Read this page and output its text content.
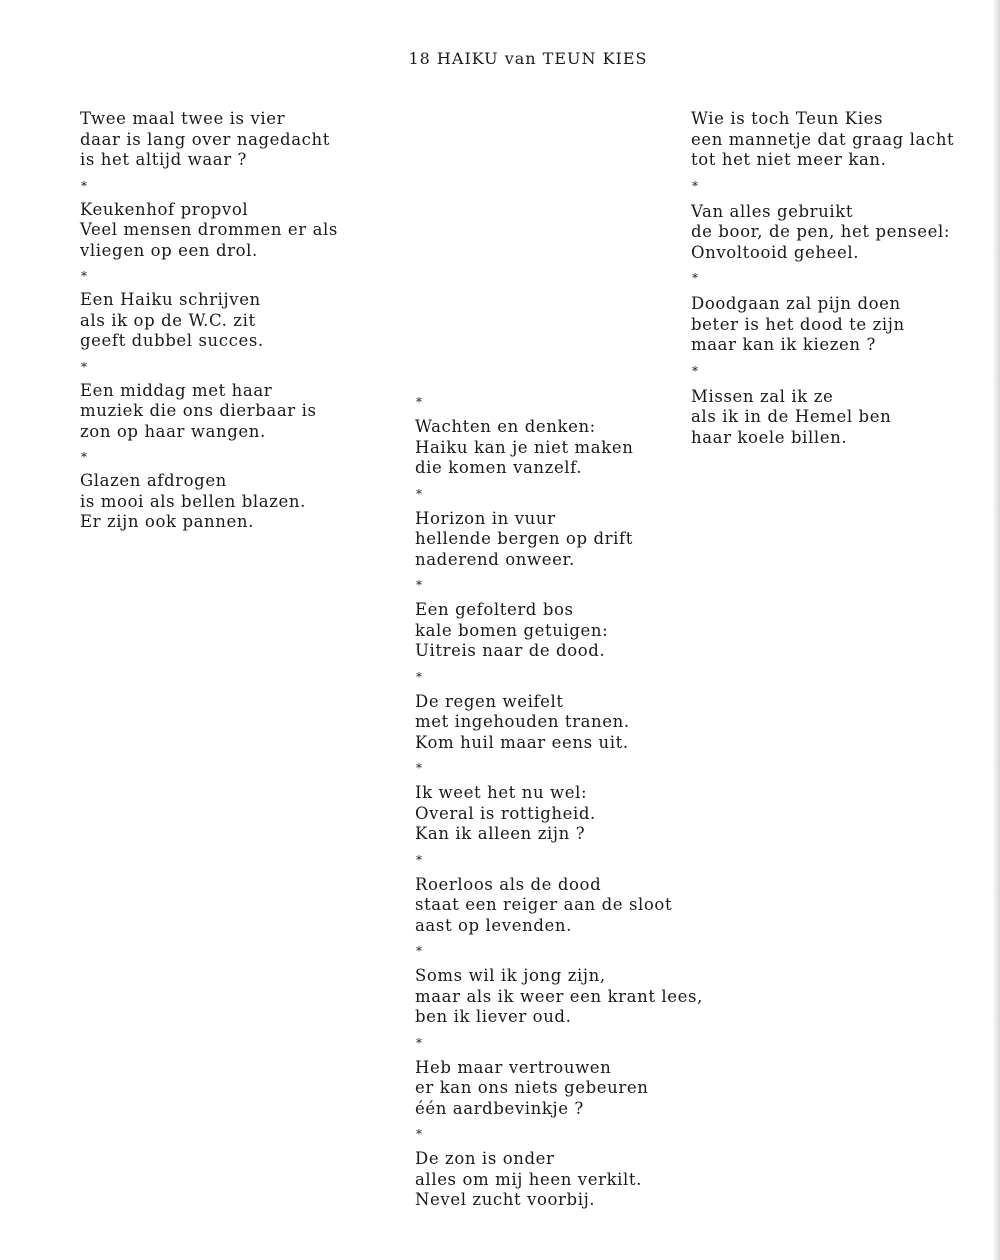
18 HAIKU van TEUN KIES
Twee maal twee is vier
daar is lang over nagedacht
is het altijd waar ?
*
Keukenhof propvol
Veel mensen drommen er als
vliegen op een drol.
*
Een Haiku schrijven
als ik op de W.C. zit
geeft dubbel succes.
*
Een middag met haar
muziek die ons dierbaar is
zon op haar wangen.
*
Glazen afdrogen
is mooi als bellen blazen.
Er zijn ook pannen.
*
Wachten en denken:
Haiku kan je niet maken
die komen vanzelf.
*
Horizon in vuur
hellende bergen op drift
naderend onweer.
*
Een gefolterd bos
kale bomen getuigen:
Uitreis naar de dood.
*
De regen weifelt
met ingehouden tranen.
Kom huil maar eens uit.
*
Ik weet het nu wel:
Overal is rottigheid.
Kan ik alleen zijn ?
*
Roerloos als de dood
staat een reiger aan de sloot
aast op levenden.
*
Soms wil ik jong zijn,
maar als ik weer een krant lees,
ben ik liever oud.
*
Heb maar vertrouwen
er kan ons niets gebeuren
één aardbevinkje ?
*
De zon is onder
alles om mij heen verkilt.
Nevel zucht voorbij.
Wie is toch Teun Kies
een mannetje dat graag lacht
tot het niet meer kan.
*
Van alles gebruikt
de boor, de pen, het penseel:
Onvoltooid geheel.
*
Doodgaan zal pijn doen
beter is het dood te zijn
maar kan ik kiezen ?
*
Missen zal ik ze
als ik in de Hemel ben
haar koele billen.
